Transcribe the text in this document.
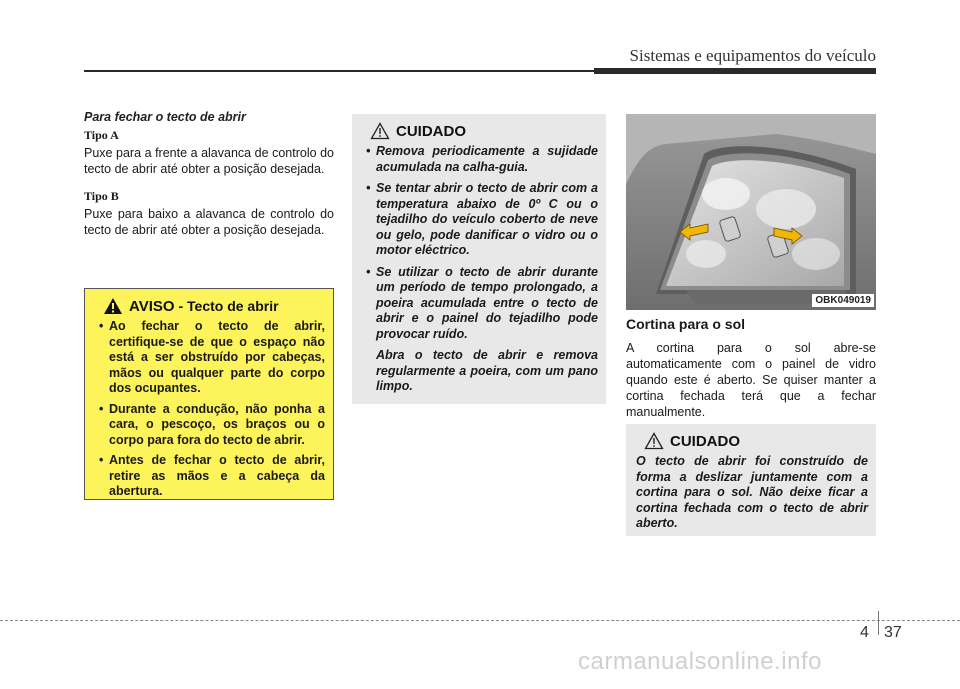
Sistemas e equipamentos do veículo
Para fechar o tecto de abrir
Tipo A

Puxe para a frente a alavanca de controlo do tecto de abrir até obter a posição desejada.

Tipo B

Puxe para baixo a alavanca de controlo do tecto de abrir até obter a posição desejada.

AVISO - Tecto de abrir
• Ao fechar o tecto de abrir, certifique-se de que o espaço não está a ser obstruído por cabeças, mãos ou qualquer parte do corpo dos ocupantes.
• Durante a condução, não ponha a cara, o pescoço, os braços ou o corpo para fora do tecto de abrir.
• Antes de fechar o tecto de abrir, retire as mãos e a cabeça da abertura.
CUIDADO
• Remova periodicamente a sujidade acumulada na calha-guia.
• Se tentar abrir o tecto de abrir com a temperatura abaixo de 0º C ou o tejadilho do veículo coberto de neve ou gelo, pode danificar o vidro ou o motor eléctrico.
• Se utilizar o tecto de abrir durante um período de tempo prolongado, a poeira acumulada entre o tecto de abrir e o painel do tejadilho pode provocar ruído.

Abra o tecto de abrir e remova regularmente a poeira, com um pano limpo.

OBK049019
Cortina para o sol

A cortina para o sol abre-se automaticamente com o painel de vidro quando este é aberto. Se quiser manter a cortina fechada terá que a fechar manualmente.

CUIDADO

O tecto de abrir foi construído de forma a deslizar juntamente com a cortina para o sol. Não deixe ficar a cortina fechada com o tecto de abrir aberto.

4 37
carmanualsonline.info
